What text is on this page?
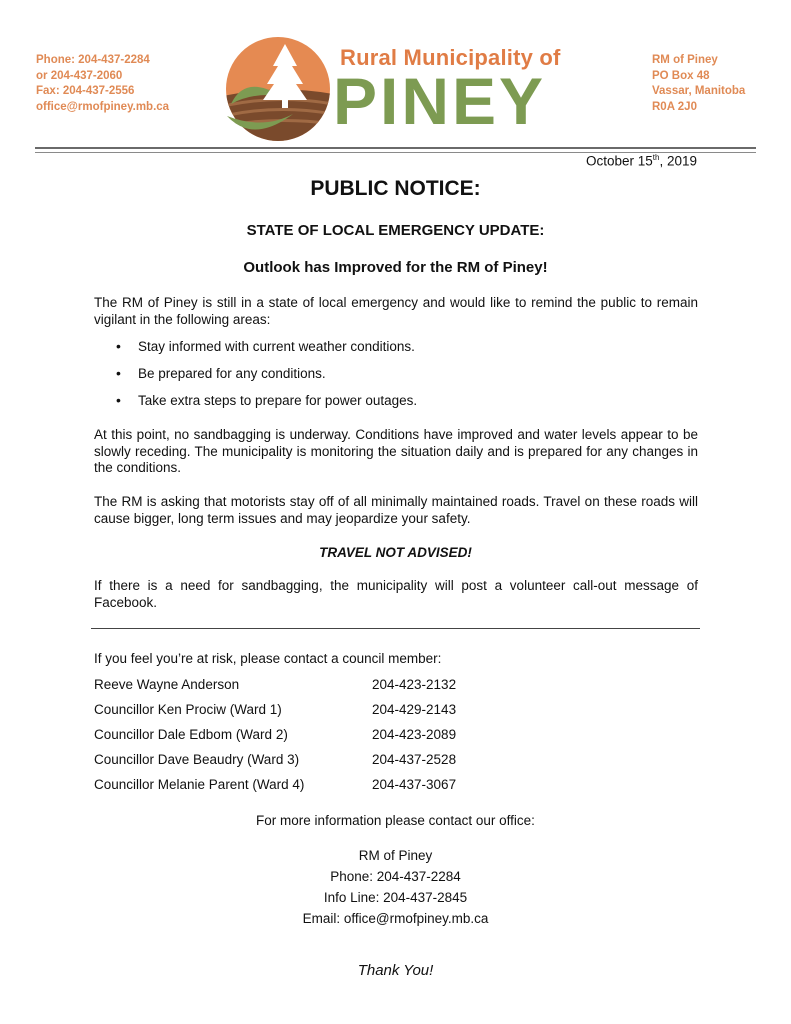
Phone: 204-437-2284
or 204-437-2060
Fax: 204-437-2556
office@rmofpiney.mb.ca
Rural Municipality of
PINEY
RM of Piney
PO Box 48
Vassar, Manitoba
R0A 2J0
October 15th, 2019
PUBLIC NOTICE:
STATE OF LOCAL EMERGENCY UPDATE:
Outlook has Improved for the RM of Piney!
The RM of Piney is still in a state of local emergency and would like to remind the public to remain vigilant in the following areas:
• Stay informed with current weather conditions.
• Be prepared for any conditions.
• Take extra steps to prepare for power outages.
At this point, no sandbagging is underway. Conditions have improved and water levels appear to be slowly receding. The municipality is monitoring the situation daily and is prepared for any changes in the conditions.
The RM is asking that motorists stay off of all minimally maintained roads. Travel on these roads will cause bigger, long term issues and may jeopardize your safety.
TRAVEL NOT ADVISED!
If there is a need for sandbagging, the municipality will post a volunteer call-out message of Facebook.
If you feel you’re at risk, please contact a council member:
Reeve Wayne Anderson	204-423-2132
Councillor Ken Prociw (Ward 1)	204-429-2143
Councillor Dale Edbom (Ward 2)	204-423-2089
Councillor Dave Beaudry (Ward 3)	204-437-2528
Councillor Melanie Parent (Ward 4)	204-437-3067
For more information please contact our office:
RM of Piney
Phone: 204-437-2284
Info Line: 204-437-2845
Email: office@rmofpiney.mb.ca
Thank You!
